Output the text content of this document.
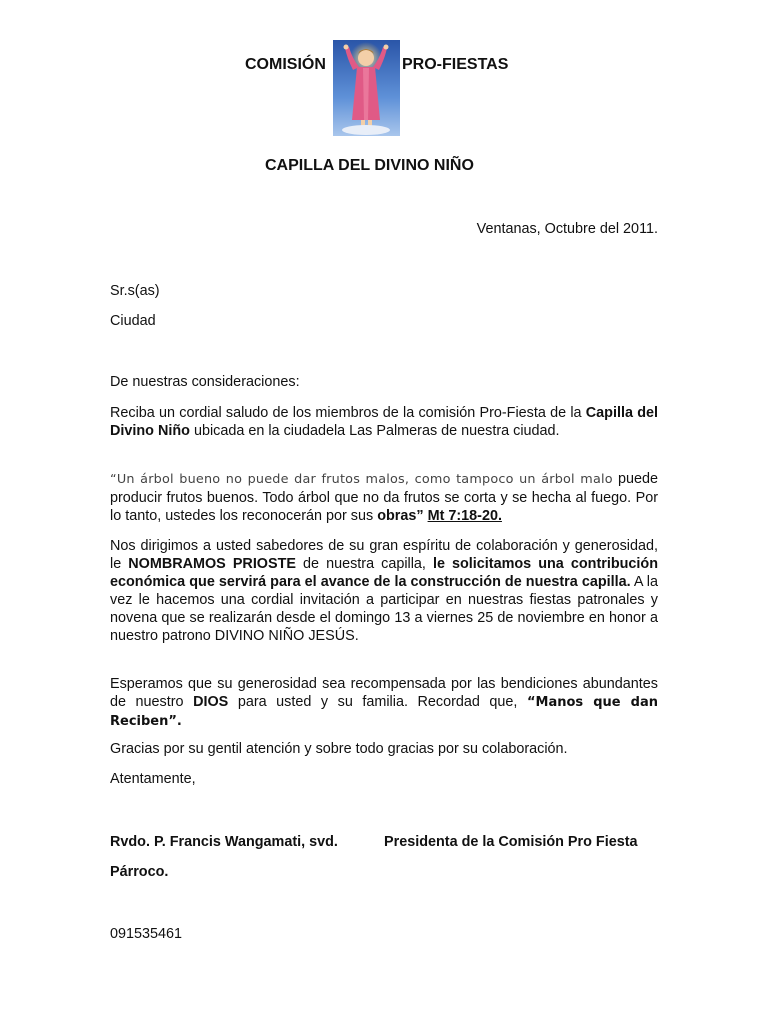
COMISIÓN	PRO-FIESTAS
CAPILLA DEL DIVINO NIÑO
Ventanas, Octubre del 2011.
Sr.s(as)
Ciudad
De nuestras consideraciones:
Reciba un cordial saludo de los miembros de la comisión Pro-Fiesta de la Capilla del Divino Niño ubicada en la ciudadela Las Palmeras de nuestra ciudad.
“Un árbol bueno no puede dar frutos malos, como tampoco un árbol malo puede producir frutos buenos. Todo árbol que no da frutos se corta y se hecha al fuego. Por lo tanto, ustedes los reconocerán por sus obras” Mt 7:18-20.
Nos dirigimos a usted sabedores de su gran espíritu de colaboración y generosidad, le NOMBRAMOS PRIOSTE de nuestra capilla, le solicitamos una contribución económica que servirá para el avance de la construcción de nuestra capilla. A la vez le hacemos una cordial invitación a participar en nuestras fiestas patronales y novena que se realizarán desde el domingo 13 a viernes 25 de noviembre en honor a nuestro patrono DIVINO NIÑO JESÚS.
Esperamos que su generosidad sea recompensada por las bendiciones abundantes de nuestro DIOS para usted y su familia. Recordad que, “Manos que dan Reciben”.
Gracias por su gentil atención y sobre todo gracias por su colaboración.
Atentamente,
Rvdo. P. Francis Wangamati, svd.	Presidenta de la Comisión Pro Fiesta
Párroco.
091535461
